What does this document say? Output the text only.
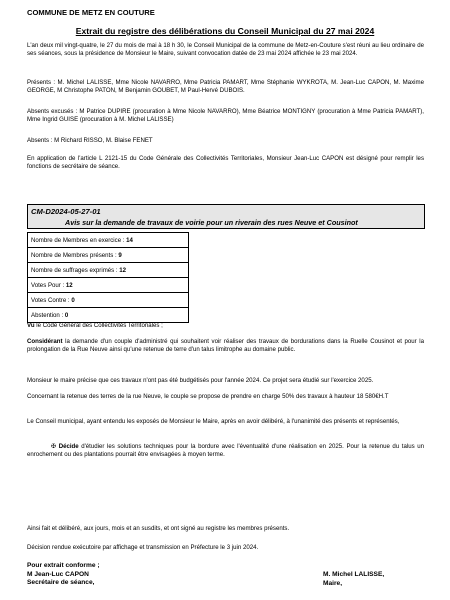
COMMUNE DE METZ EN COUTURE
Extrait du registre des délibérations du Conseil Municipal du 27 mai 2024

L'an deux mil vingt-quatre, le 27 du mois de mai à 18 h 30, le Conseil Municipal de la commune de Metz-en-Couture s'est réuni au lieu ordinaire de ses séances, sous la présidence de Monsieur le Maire, suivant convocation datée de 23 mai 2024 affichée le 23 mai 2024.

Présents : M. Michel LALISSE, Mme Nicole NAVARRO, Mme Patricia PAMART, Mme Stéphanie WYKROTA, M. Jean-Luc CAPON, M. Maxime GEORGE, M Christophe PATON, M Benjamin GOUBET, M Paul-Hervé DUBOIS.

Absents excusés : M Patrice DUPIRE (procuration à Mme Nicole NAVARRO), Mme Béatrice MONTIGNY (procuration à Mme Patricia PAMART), Mme Ingrid GUISE (procuration à M. Michel LALISSE)

Absents : M Richard RISSO, M. Blaise FENET

En application de l'article L 2121-15 du Code Générale des Collectivités Territoriales, Monsieur Jean-Luc CAPON est désigné pour remplir les fonctions de secrétaire de séance.

CM-D2024-05-27-01
Avis sur la demande de travaux de voirie pour un riverain des rues Neuve et Cousinot
Nombre de Membres en exercice : 14
Nombre de Membres présents : 9
Nombre de suffrages exprimés : 12
Votes Pour : 12
Votes Contre : 0
Abstention : 0

Vu le Code Général des Collectivités Territoriales ;

Considérant la demande d'un couple d'administré qui souhaitent voir réaliser des travaux de bordurations dans la Ruelle Cousinot et pour la prolongation de la Rue Neuve ainsi qu'une retenue de terre d'un talus limitrophe au domaine public.

Monsieur le maire précise que ces travaux n'ont pas été budgétisés pour l'année 2024. Ce projet sera étudié sur l'exercice 2025.

Concernant la retenue des terres de la rue Neuve, le couple se propose de prendre en charge 50% des travaux à hauteur 18 580€H.T

Le Conseil municipal, ayant entendu les exposés de Monsieur le Maire, après en avoir délibéré, à l'unanimité des présents et représentés,

✠ Décide d'étudier les solutions techniques pour la bordure avec l'éventualité d'une réalisation en 2025. Pour la retenue du talus un enrochement ou des plantations pourrait être envisagées à moyen terme.

Ainsi fait et délibéré, aux jours, mois et an susdits, et ont signé au registre les membres présents.

Décision rendue exécutoire par affichage et transmission en Préfecture le 3 juin 2024.

Pour extrait conforme ;
M Jean-Luc CAPON
Secrétaire de séance,
M. Michel LALISSE,
Maire,
